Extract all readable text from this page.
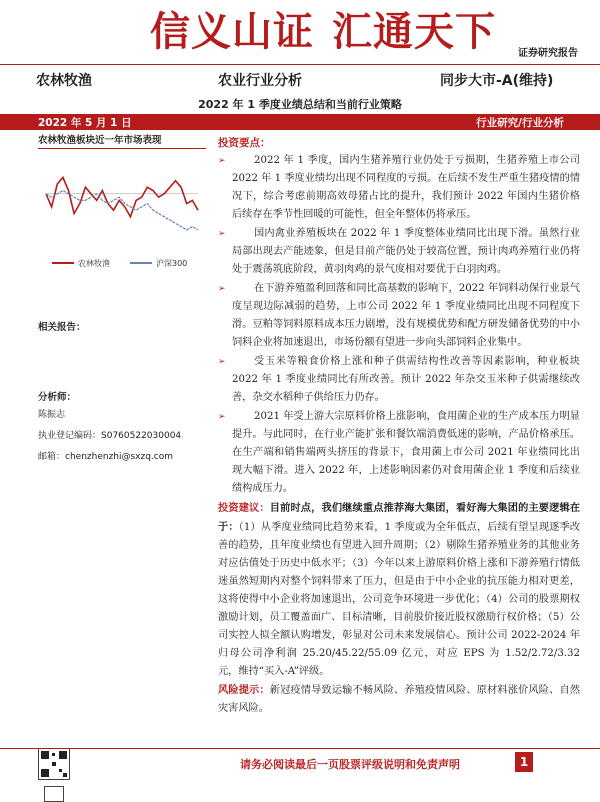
信义山证 汇通天下 证券研究报告
农林牧渔	农业行业分析	同步大市-A(维持)
2022 年 1 季度业绩总结和当前行业策略
2022 年 5 月 1 日	行业研究/行业分析
农林牧渔板块近一年市场表现
农林牧渔	沪深300
相关报告：
分析师：
陈振志
执业登记编码：S0760522030004
邮箱：chenzhenzhi@sxzq.com
投资要点：
➢	2022 年 1 季度，国内生猪养殖行业仍处于亏损期，生猪养殖上市公司 2022 年 1 季度业绩均出现不同程度的亏损。在后续不发生严重生猪疫情的情况下，综合考虑前期高效母猪占比的提升，我们预计 2022 年国内生猪价格后续存在季节性回暖的可能性，但全年整体仍将承压。
➢	国内禽业养殖板块在 2022 年 1 季度整体业绩同比出现下滑。虽然行业局部出现去产能迹象，但是目前产能仍处于较高位置，预计肉鸡养殖行业仍将处于震荡筑底阶段，黄羽肉鸡的景气度相对要优于白羽肉鸡。
➢	在下游养殖盈利回落和同比高基数的影响下，2022 年饲料动保行业景气度呈现边际减弱的趋势，上市公司 2022 年 1 季度业绩同比出现不同程度下滑。豆粕等饲料原料成本压力剧增，没有规模优势和配方研发储备优势的中小饲料企业将加速退出，市场份额有望进一步向头部饲料企业集中。
➢	受玉米等粮食价格上涨和种子供需结构性改善等因素影响，种业板块 2022 年 1 季度业绩同比有所改善。预计 2022 年杂交玉米种子供需继续改善，杂交水稻种子供给压力仍存。
➢	2021 年受上游大宗原料价格上涨影响，食用菌企业的生产成本压力明显提升。与此同时，在行业产能扩张和餐饮端消费低迷的影响，产品价格承压。在生产端和销售端两头挤压的背景下，食用菌上市公司 2021 年业绩同比出现大幅下滑。进入 2022 年，上述影响因素仍对食用菌企业 1 季度和后续业绩构成压力。
投资建议：目前时点，我们继续重点推荐海大集团，看好海大集团的主要逻辑在于：（1）从季度业绩同比趋势来看，1 季度或为全年低点，后续有望呈现逐季改善的趋势，且年度业绩也有望进入回升周期；（2）剔除生猪养殖业务的其他业务对应估值处于历史中低水平；（3）今年以来上游原料价格上涨和下游养殖行情低迷虽然短期内对整个饲料带来了压力，但是由于中小企业的抗压能力相对更差，这将使得中小企业将加速退出，公司竞争环境进一步优化；（4）公司的股票期权激励计划，员工覆盖面广、目标清晰，目前股价接近股权激励行权价格；（5）公司实控人拟全额认购增发，彰显对公司未来发展信心。预计公司 2022-2024 年归母公司净利润 25.20/45.22/55.09 亿元，对应 EPS 为 1.52/2.72/3.32 元，维持“买入-A”评级。
风险提示：新冠疫情导致运输不畅风险、养殖疫情风险、原材料涨价风险、自然灾害风险。
请务必阅读最后一页股票评级说明和免责声明	1
